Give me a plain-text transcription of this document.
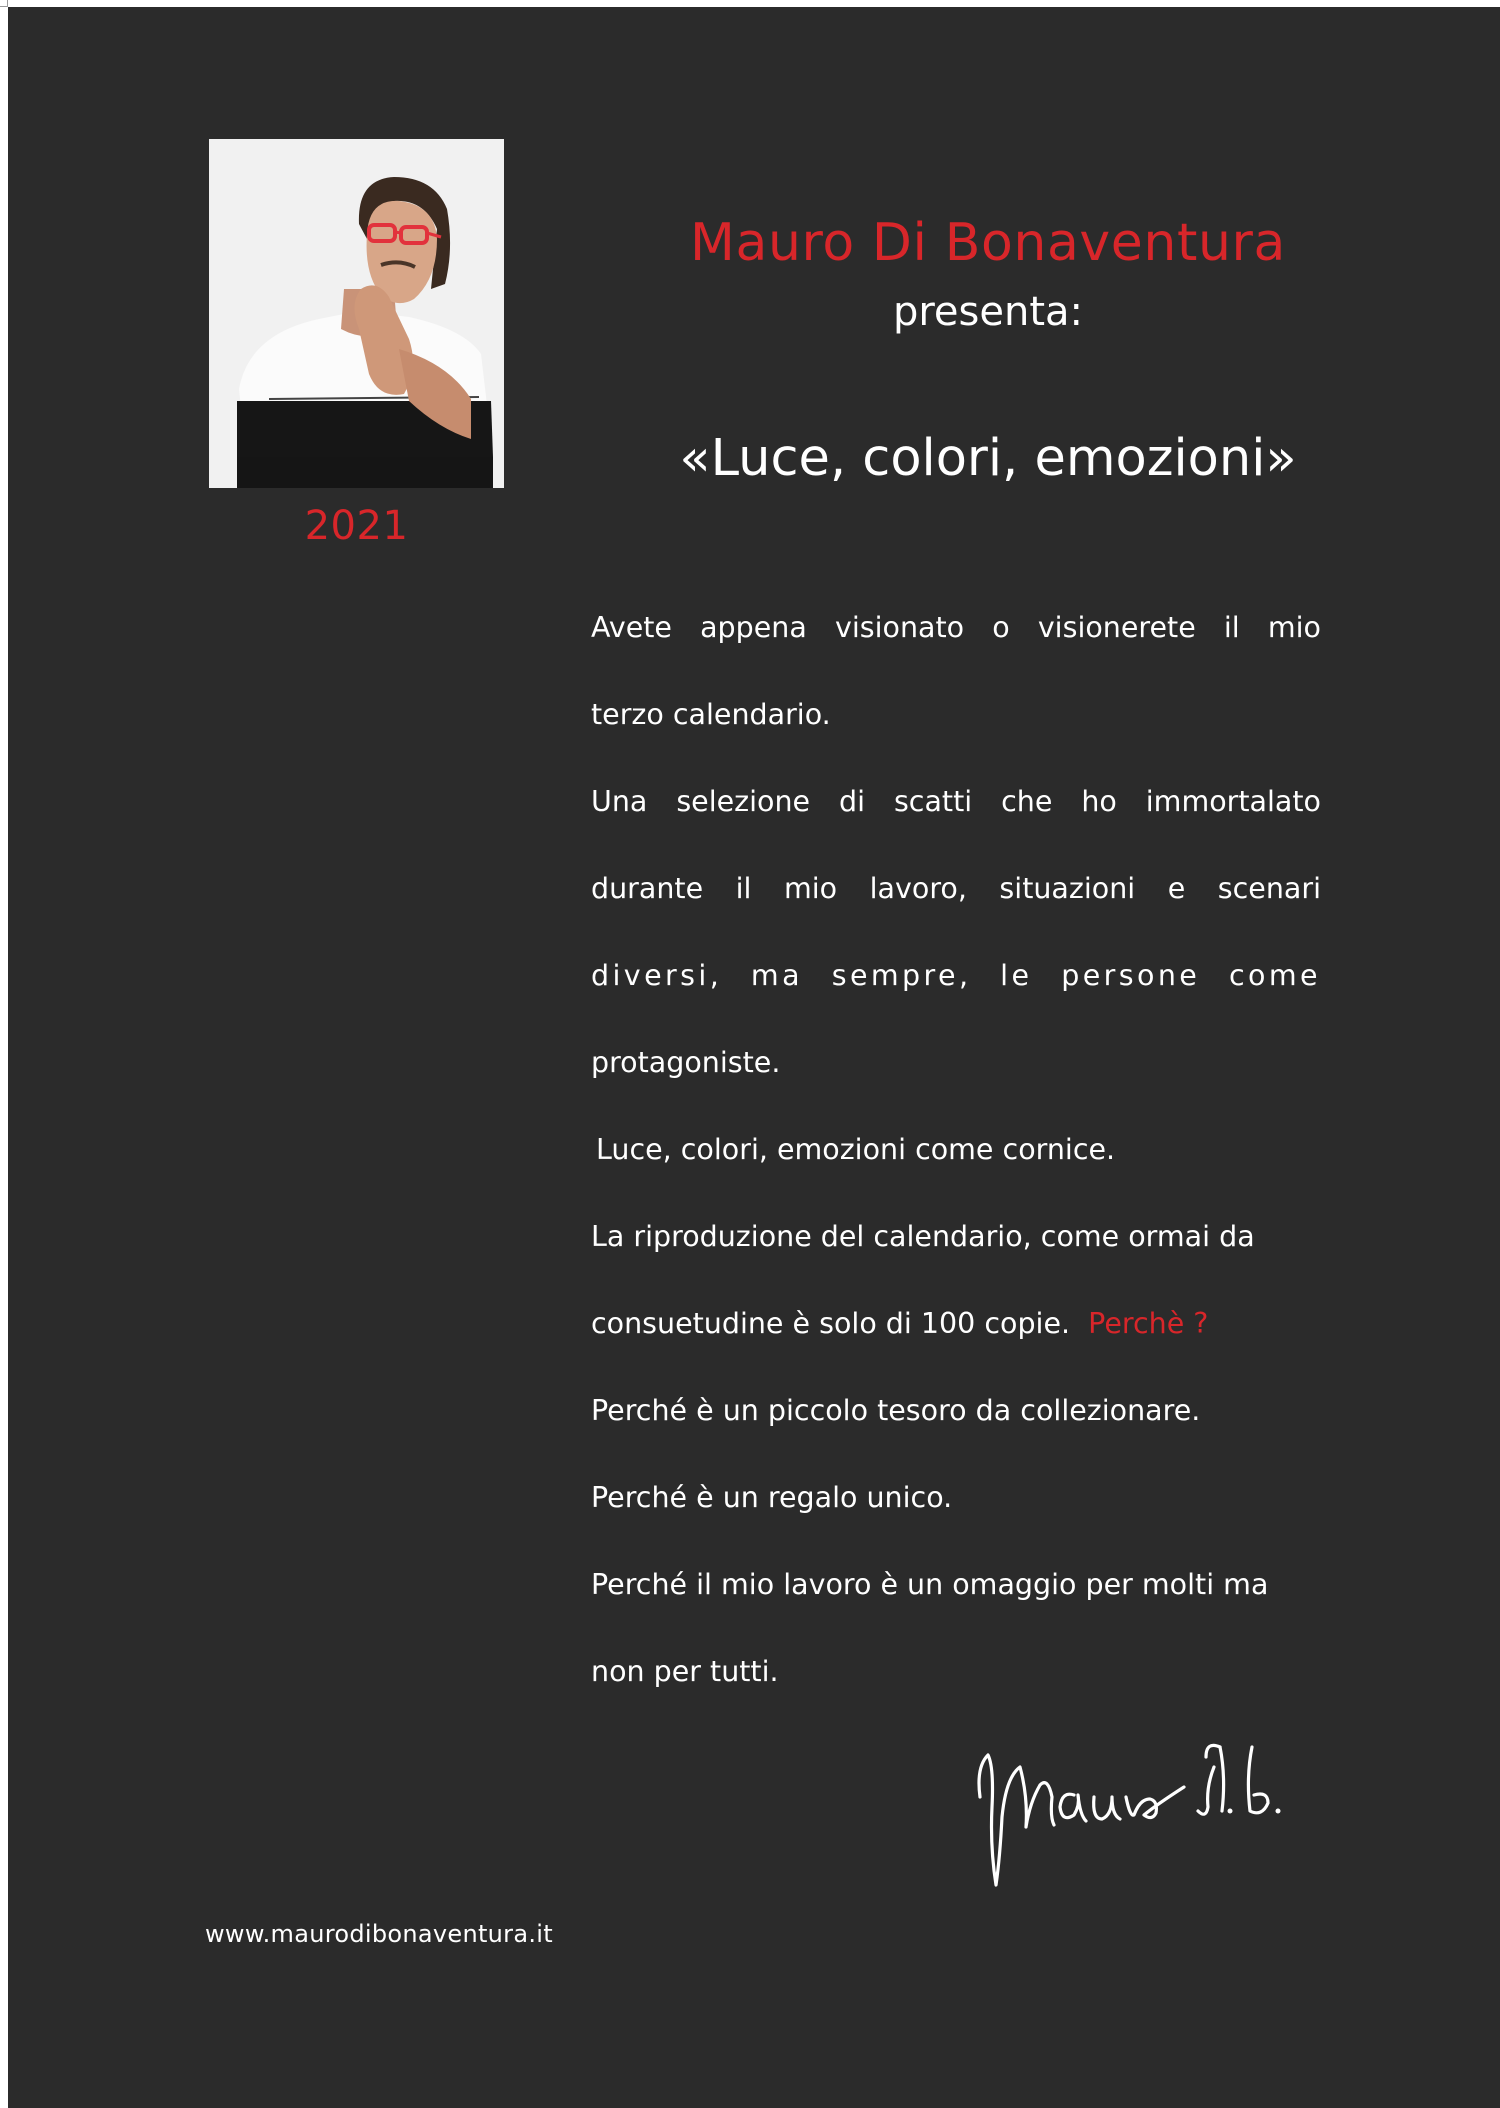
2021
Mauro Di Bonaventura
presenta:
«Luce, colori, emozioni»
Avete appena visionato o visionerete il mio
terzo calendario.
Una selezione di scatti che ho immortalato
durante il mio lavoro, situazioni e scenari
diversi, ma sempre, le persone come
protagoniste.
Luce, colori, emozioni come cornice.
La riproduzione del calendario, come ormai da
consuetudine è solo di 100 copie. Perchè ?
Perché è un piccolo tesoro da collezionare.
Perché è un regalo unico.
Perché il mio lavoro è un omaggio per molti ma
non per tutti.
www.maurodibonaventura.it
